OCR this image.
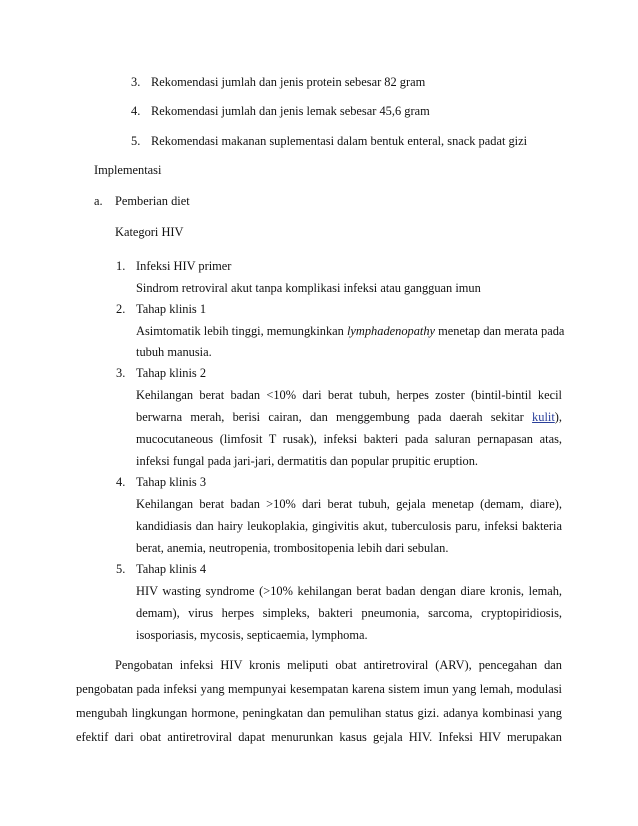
3. Rekomendasi jumlah dan jenis protein sebesar 82 gram
4. Rekomendasi jumlah dan jenis lemak sebesar 45,6 gram
5. Rekomendasi makanan suplementasi dalam bentuk enteral, snack padat gizi
Implementasi
a. Pemberian diet
Kategori HIV
1. Infeksi HIV primer
Sindrom retroviral akut tanpa komplikasi infeksi atau gangguan imun
2. Tahap klinis 1
Asimtomatik lebih tinggi, memungkinkan lymphadenopathy menetap dan merata pada
tubuh manusia.
3. Tahap klinis 2
Kehilangan berat badan <10% dari berat tubuh, herpes zoster (bintil-bintil kecil
berwarna merah, berisi cairan, dan menggembung pada daerah sekitar kulit),
mucocutaneous (limfosit T rusak), infeksi bakteri pada saluran pernapasan atas,
infeksi fungal pada jari-jari, dermatitis dan popular prupitic eruption.
4. Tahap klinis 3
Kehilangan berat badan >10% dari berat tubuh, gejala menetap (demam, diare),
kandidiasis dan hairy leukoplakia, gingivitis akut, tuberculosis paru, infeksi bakteria
berat, anemia, neutropenia, trombositopenia lebih dari sebulan.
5. Tahap klinis 4
HIV wasting syndrome (>10% kehilangan berat badan dengan diare kronis, lemah,
demam), virus herpes simpleks, bakteri pneumonia, sarcoma, cryptopiridiosis,
isosporiasis, mycosis, septicaemia, lymphoma.
Pengobatan infeksi HIV kronis meliputi obat antiretroviral (ARV), pencegahan dan
pengobatan pada infeksi yang mempunyai kesempatan karena sistem imun yang lemah, modulasi
mengubah lingkungan hormone, peningkatan dan pemulihan status gizi. adanya kombinasi yang
efektif dari obat antiretroviral dapat menurunkan kasus gejala HIV. Infeksi HIV merupakan
